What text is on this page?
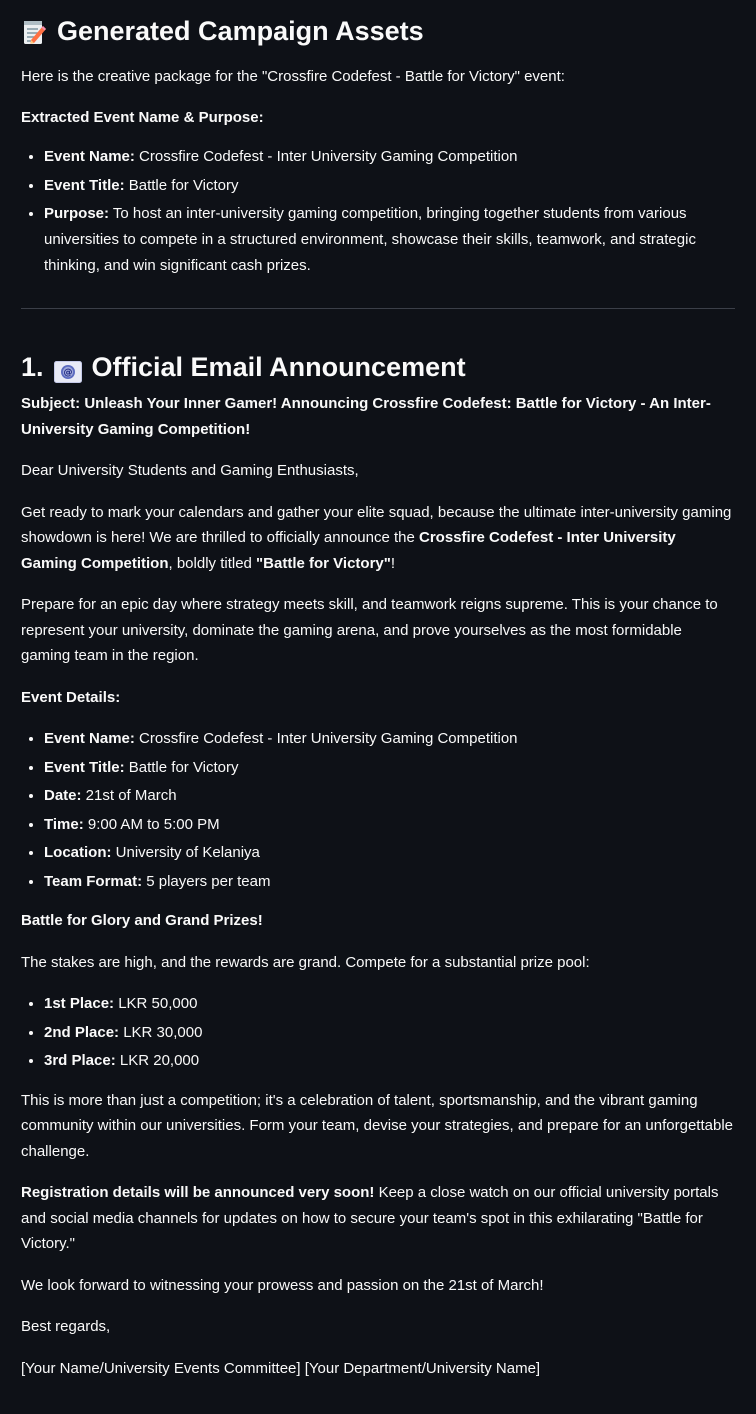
Generated Campaign Assets

Here is the creative package for the "Crossfire Codefest - Battle for Victory" event:

Extracted Event Name & Purpose:

• Event Name: Crossfire Codefest - Inter University Gaming Competition
• Event Title: Battle for Victory
• Purpose: To host an inter-university gaming competition, bringing together students from various universities to compete in a structured environment, showcase their skills, teamwork, and strategic thinking, and win significant cash prizes.
1. @ Official Email Announcement

Subject: Unleash Your Inner Gamer! Announcing Crossfire Codefest: Battle for Victory - An Inter-University Gaming Competition!

Dear University Students and Gaming Enthusiasts,

Get ready to mark your calendars and gather your elite squad, because the ultimate inter-university gaming showdown is here! We are thrilled to officially announce the Crossfire Codefest - Inter University Gaming Competition, boldly titled "Battle for Victory"!

Prepare for an epic day where strategy meets skill, and teamwork reigns supreme. This is your chance to represent your university, dominate the gaming arena, and prove yourselves as the most formidable gaming team in the region.

Event Details:

• Event Name: Crossfire Codefest - Inter University Gaming Competition
• Event Title: Battle for Victory
• Date: 21st of March
• Time: 9:00 AM to 5:00 PM
• Location: University of Kelaniya
• Team Format: 5 players per team

Battle for Glory and Grand Prizes!

The stakes are high, and the rewards are grand. Compete for a substantial prize pool:

• 1st Place: LKR 50,000
• 2nd Place: LKR 30,000
• 3rd Place: LKR 20,000

This is more than just a competition; it's a celebration of talent, sportsmanship, and the vibrant gaming community within our universities. Form your team, devise your strategies, and prepare for an unforgettable challenge.

Registration details will be announced very soon! Keep a close watch on our official university portals and social media channels for updates on how to secure your team's spot in this exhilarating "Battle for Victory."

We look forward to witnessing your prowess and passion on the 21st of March!

Best regards,

[Your Name/University Events Committee] [Your Department/University Name]
